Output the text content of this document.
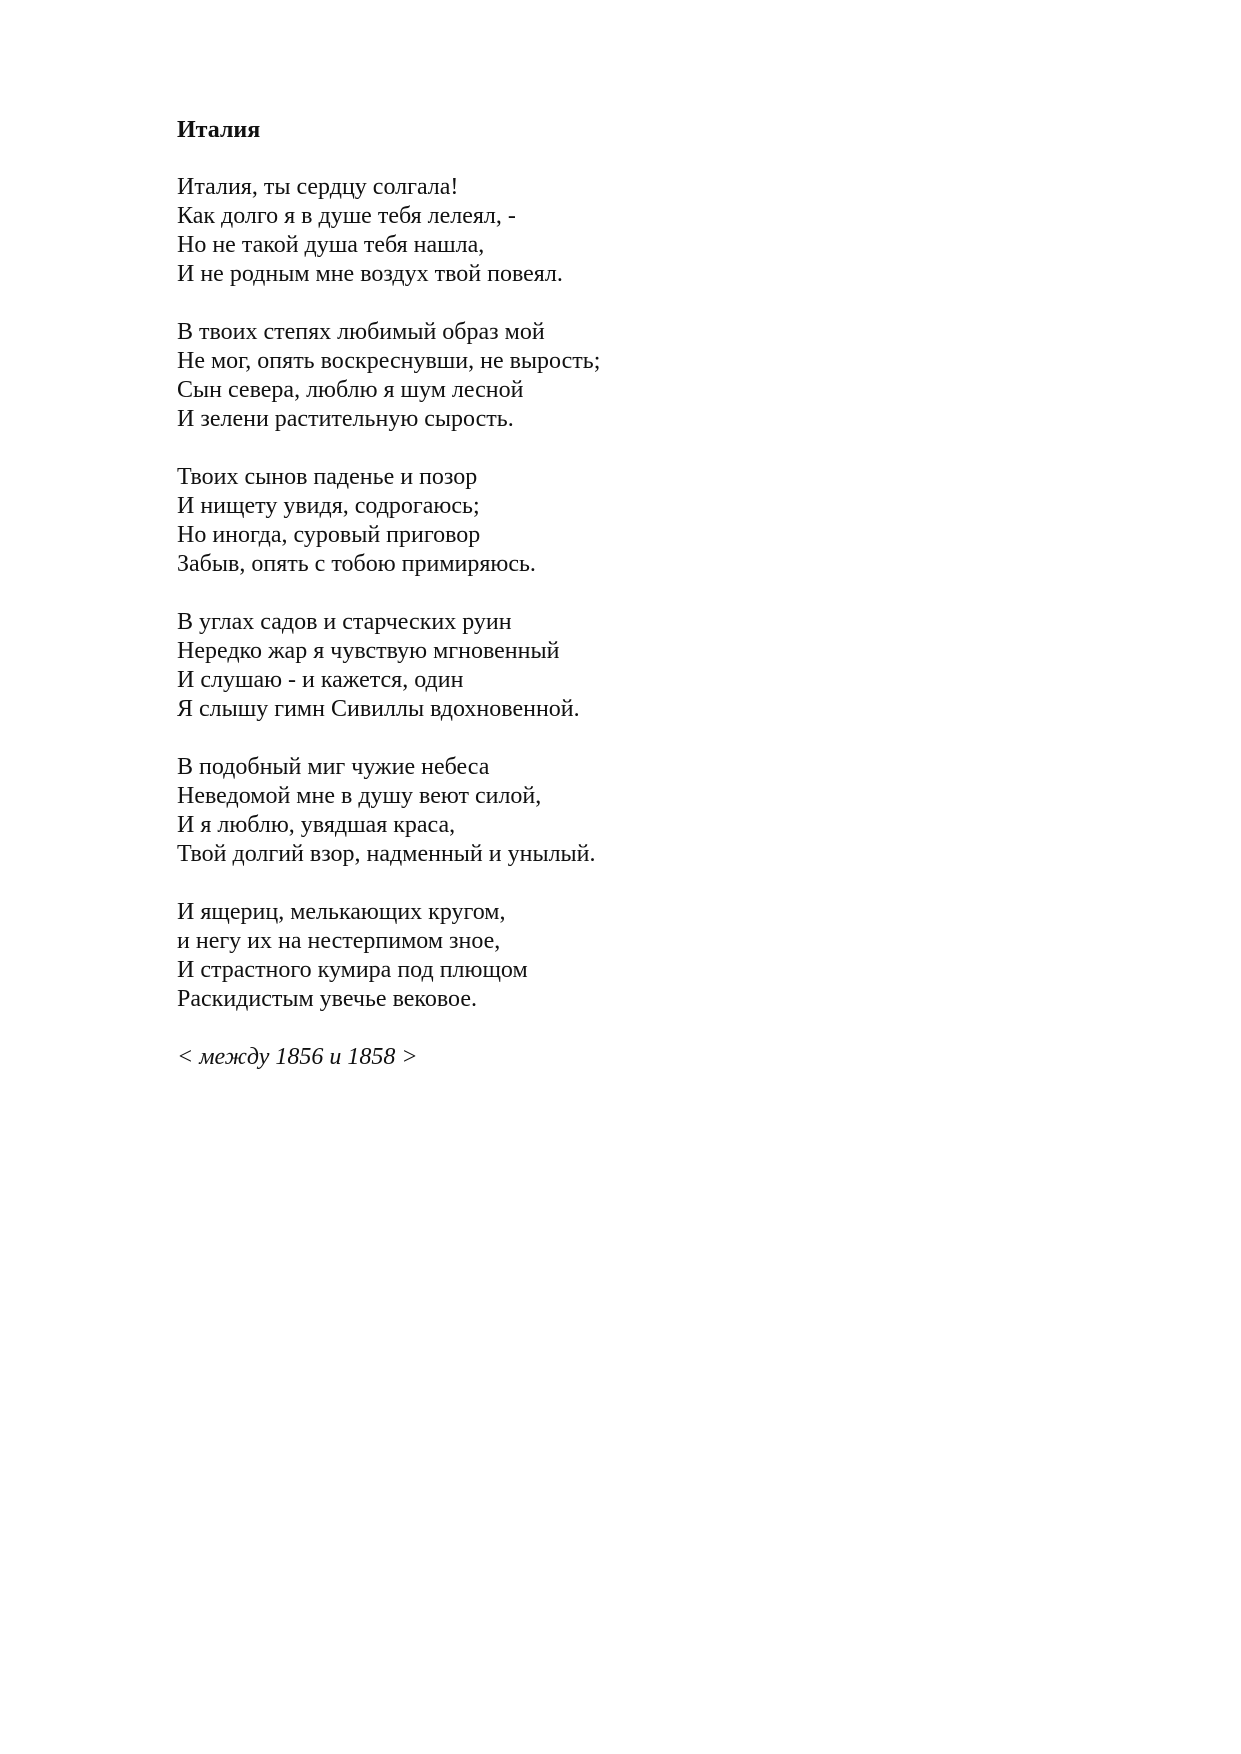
Италия
Италия, ты сердцу солгала!
Как долго я в душе тебя лелеял, -
Но не такой душа тебя нашла,
И не родным мне воздух твой повеял.
В твоих степях любимый образ мой
Не мог, опять воскреснувши, не вырость;
Сын севера, люблю я шум лесной
И зелени растительную сырость.
Твоих сынов паденье и позор
И нищету увидя, содрогаюсь;
Но иногда, суровый приговор
Забыв, опять с тобою примиряюсь.
В углах садов и старческих руин
Нередко жар я чувствую мгновенный
И слушаю - и кажется, один
Я слышу гимн Сивиллы вдохновенной.
В подобный миг чужие небеса
Неведомой мне в душу веют силой,
И я люблю, увядшая краса,
Твой долгий взор, надменный и унылый.
И ящериц, мелькающих кругом,
и негу их на нестерпимом зное,
И страстного кумира под плющом
Раскидистым увечье вековое.
< между 1856 и 1858 >
